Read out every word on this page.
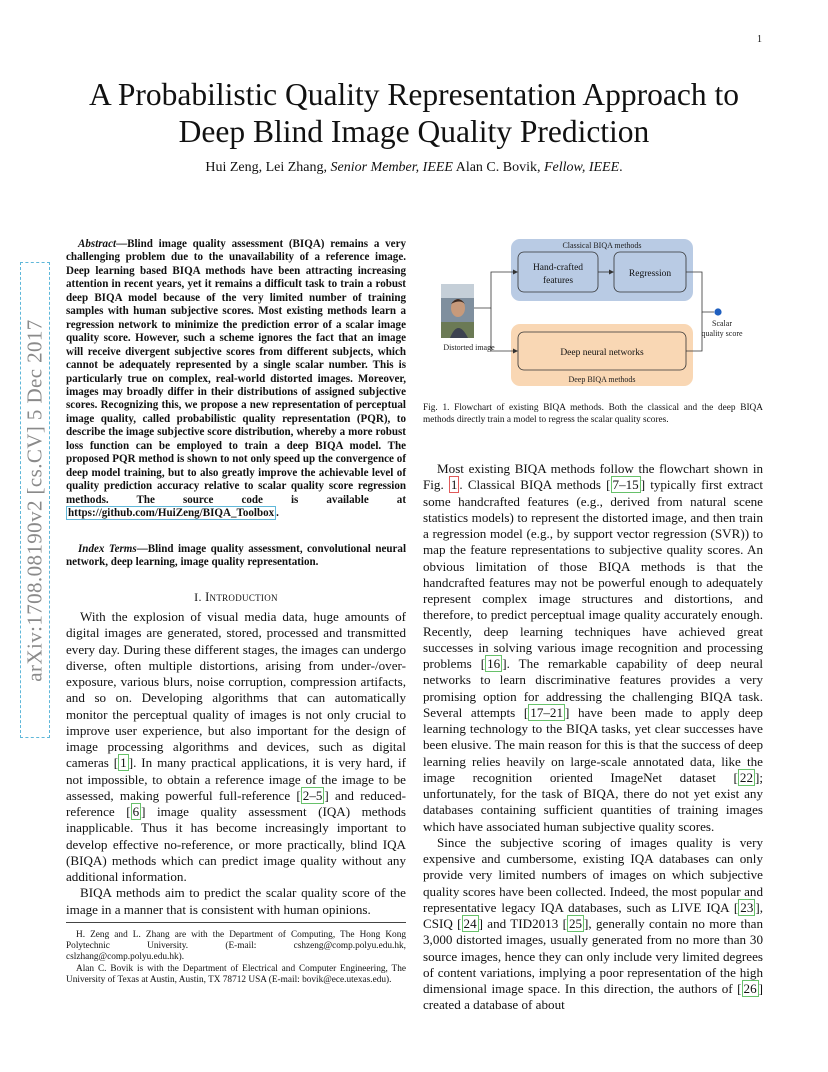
1
arXiv:1708.08190v2 [cs.CV] 5 Dec 2017
A Probabilistic Quality Representation Approach to
Deep Blind Image Quality Prediction
Hui Zeng, Lei Zhang, Senior Member, IEEE Alan C. Bovik, Fellow, IEEE.
Abstract—Blind image quality assessment (BIQA) remains a very challenging problem due to the unavailability of a reference image. Deep learning based BIQA methods have been attracting increasing attention in recent years, yet it remains a difficult task to train a robust deep BIQA model because of the very limited number of training samples with human subjective scores. Most existing methods learn a regression network to minimize the prediction error of a scalar image quality score. However, such a scheme ignores the fact that an image will receive divergent subjective scores from different subjects, which cannot be adequately represented by a single scalar number. This is particularly true on complex, real-world distorted images. Moreover, images may broadly differ in their distributions of assigned subjective scores. Recognizing this, we propose a new representation of perceptual image quality, called probabilistic quality representation (PQR), to describe the image subjective score distribution, whereby a more robust loss function can be employed to train a deep BIQA model. The proposed PQR method is shown to not only speed up the convergence of deep model training, but to also greatly improve the achievable level of quality prediction accuracy relative to scalar quality score regression methods. The source code is available at https://github.com/HuiZeng/BIQA_Toolbox .
Index Terms—Blind image quality assessment, convolutional neural network, deep learning, image quality representation.
I. Introduction

With the explosion of visual media data, huge amounts of digital images are generated, stored, processed and transmitted every day. During these different stages, the images can undergo diverse, often multiple distortions, arising from under-/over-exposure, various blurs, noise corruption, compression artifacts, and so on. Developing algorithms that can automatically monitor the perceptual quality of images is not only crucial to improve user experience, but also important for the design of image processing algorithms and devices, such as digital cameras [ 1 ]. In many practical applications, it is very hard, if not impossible, to obtain a reference image of the image to be assessed, making powerful full-reference [ 2–5 ] and reduced-reference [ 6 ] image quality assessment (IQA) methods inapplicable. Thus it has become increasingly important to develop effective no-reference, or more practically, blind IQA (BIQA) methods which can predict image quality without any additional information.

BIQA methods aim to predict the scalar quality score of the image in a manner that is consistent with human opinions.

H. Zeng and L. Zhang are with the Department of Computing, The Hong Kong Polytechnic University. (E-mail: cshzeng@comp.polyu.edu.hk, cslzhang@comp.polyu.edu.hk).

Alan C. Bovik is with the Department of Electrical and Computer Engineering, The University of Texas at Austin, Austin, TX 78712 USA (E-mail: bovik@ece.utexas.edu).

Classical BIQA methods
Hand-crafted
features
Regression
Deep neural networks
Deep BIQA methods
Distorted image
Scalar
quality score
Fig. 1. Flowchart of existing BIQA methods. Both the classical and the deep BIQA methods directly train a model to regress the scalar quality scores.

Most existing BIQA methods follow the flowchart shown in Fig. 1 . Classical BIQA methods [ 7–15 ] typically first extract some handcrafted features (e.g., derived from natural scene statistics models) to represent the distorted image, and then train a regression model (e.g., by support vector regression (SVR)) to map the feature representations to subjective quality scores. An obvious limitation of those BIQA methods is that the handcrafted features may not be powerful enough to adequately represent complex image structures and distortions, and therefore, to predict perceptual image quality accurately enough. Recently, deep learning techniques have achieved great successes in solving various image recognition and processing problems [ 16 ]. The remarkable capability of deep neural networks to learn discriminative features provides a very promising option for addressing the challenging BIQA task. Several attempts [ 17–21 ] have been made to apply deep learning technology to the BIQA tasks, yet clear successes have been elusive. The main reason for this is that the success of deep learning relies heavily on large-scale annotated data, like the image recognition oriented ImageNet dataset [ 22 ]; unfortunately, for the task of BIQA, there do not yet exist any databases containing sufficient quantities of training images which have associated human subjective quality scores.

Since the subjective scoring of images quality is very expensive and cumbersome, existing IQA databases can only provide very limited numbers of images on which subjective quality scores have been collected. Indeed, the most popular and representative legacy IQA databases, such as LIVE IQA [ 23 ], CSIQ [ 24 ] and TID2013 [ 25 ], generally contain no more than 3,000 distorted images, usually generated from no more than 30 source images, hence they can only include very limited degrees of content variations, implying a poor representation of the high dimensional image space. In this direction, the authors of [ 26 ] created a database of about
